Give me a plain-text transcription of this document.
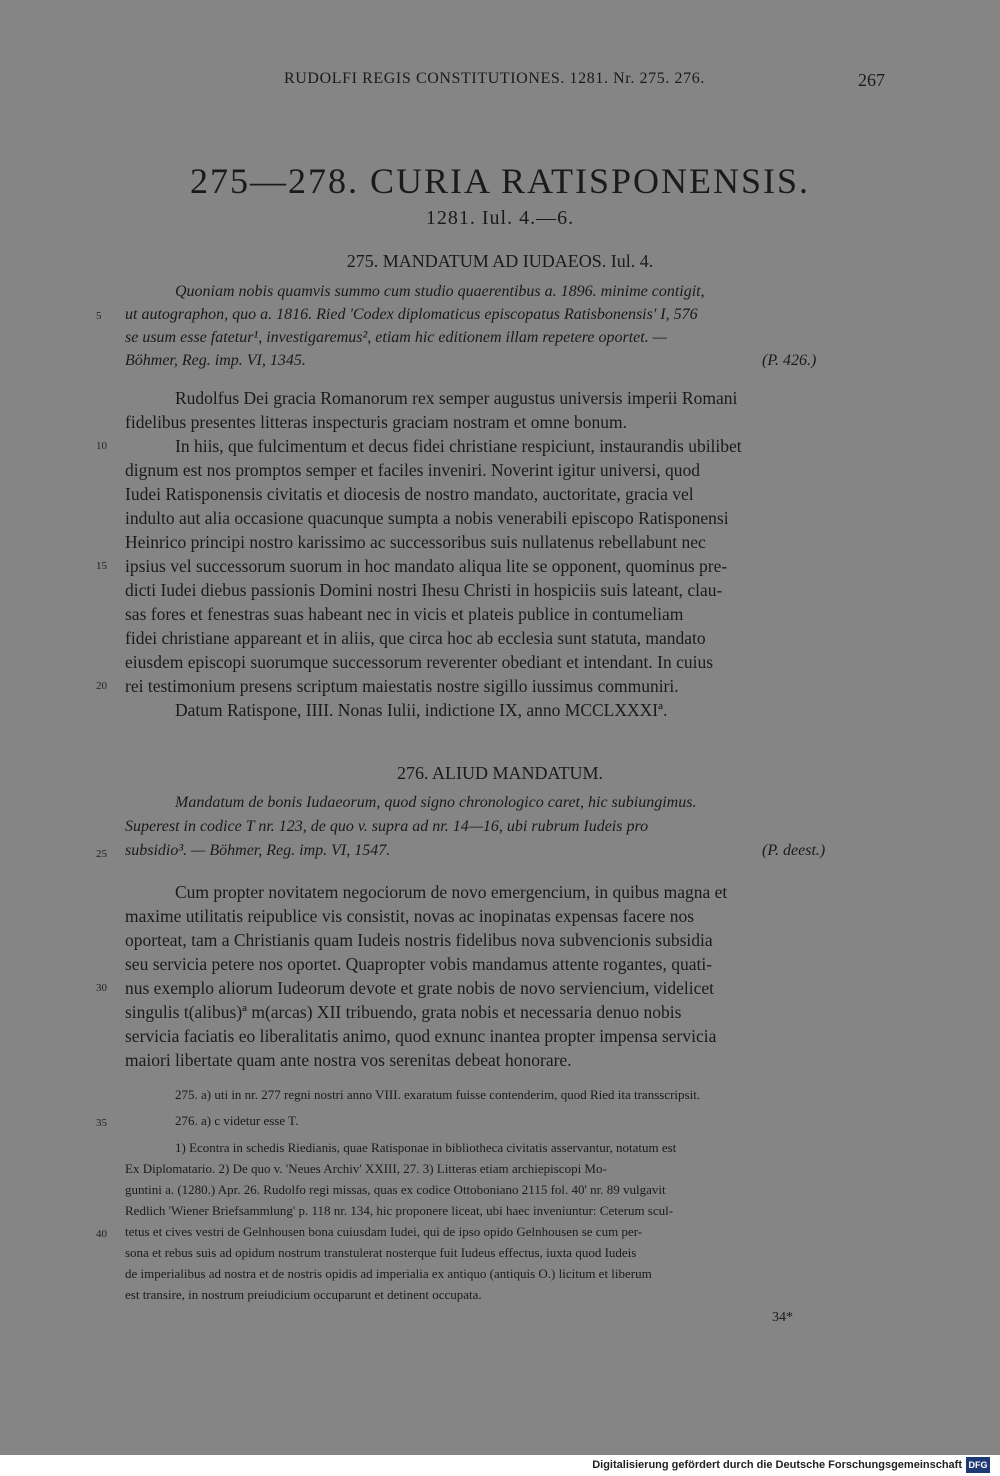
RUDOLFI REGIS CONSTITUTIONES. 1281. Nr. 275. 276.	267
275—278. CURIA RATISPONENSIS.
1281. Iul. 4.—6.
275. MANDATUM AD IUDAEOS. Iul. 4.
Quoniam nobis quamvis summo cum studio quaerentibus a. 1896. minime contigit,
ut autographon, quo a. 1816. Ried 'Codex diplomaticus episcopatus Ratisbonensis' I, 576
se usum esse fatetur¹, investigaremus², etiam hic editionem illam repetere oportet. —
Böhmer, Reg. imp. VI, 1345.	(P. 426.)
Rudolfus Dei gracia Romanorum rex semper augustus universis imperii Romani
fidelibus presentes litteras inspecturis graciam nostram et omne bonum.
In hiis, que fulcimentum et decus fidei christiane respiciunt, instaurandis ubilibet
dignum est nos promptos semper et faciles inveniri. Noverint igitur universi, quod
Iudei Ratisponensis civitatis et diocesis de nostro mandato, auctoritate, gracia vel
indulto aut alia occasione quacunque sumpta a nobis venerabili episcopo Ratisponensi
Heinrico principi nostro karissimo ac successoribus suis nullatenus rebellabunt nec
ipsius vel successorum suorum in hoc mandato aliqua lite se opponent, quominus pre-
dicti Iudei diebus passionis Domini nostri Ihesu Christi in hospiciis suis lateant, clau-
sas fores et fenestras suas habeant nec in vicis et plateis publice in contumeliam
fidei christiane appareant et in aliis, que circa hoc ab ecclesia sunt statuta, mandato
eiusdem episcopi suorumque successorum reverenter obediant et intendant. In cuius
rei testimonium presens scriptum maiestatis nostre sigillo iussimus communiri.
Datum Ratispone, IIII. Nonas Iulii, indictione IX, anno MCCLXXXIª.
276. ALIUD MANDATUM.
Mandatum de bonis Iudaeorum, quod signo chronologico caret, hic subiungimus.
Superest in codice T nr. 123, de quo v. supra ad nr. 14—16, ubi rubrum Iudeis pro
subsidio³. — Böhmer, Reg. imp. VI, 1547.	(P. deest.)
Cum propter novitatem negociorum de novo emergencium, in quibus magna et
maxime utilitatis reipublice vis consistit, novas ac inopinatas expensas facere nos
oporteat, tam a Christianis quam Iudeis nostris fidelibus nova subvencionis subsidia
seu servicia petere nos oportet. Quapropter vobis mandamus attente rogantes, quati-
nus exemplo aliorum Iudeorum devote et grate nobis de novo serviencium, videlicet
singulis t(alibus)ª m(arcas) XII tribuendo, grata nobis et necessaria denuo nobis
servicia faciatis eo liberalitatis animo, quod exnunc inantea propter impensa servicia
maiori libertate quam ante nostra vos serenitas debeat honorare.
275. a) uti in nr. 277 regni nostri anno VIII. exaratum fuisse contenderim, quod Ried ita transscripsit.
276. a) c videtur esse T.
1) Econtra in schedis Riedianis, quae Ratisponae in bibliotheca civitatis asservantur, notatum est
Ex Diplomatario. 2) De quo v. 'Neues Archiv' XXIII, 27. 3) Litteras etiam archiepiscopi Mo-
guntini a. (1280.) Apr. 26. Rudolfo regi missas, quas ex codice Ottoboniano 2115 fol. 40' nr. 89 vulgavit
Redlich 'Wiener Briefsammlung' p. 118 nr. 134, hic proponere liceat, ubi haec inveniuntur: Ceterum scul-
tetus et cives vestri de Gelnhousen bona cuiusdam Iudei, qui de ipso opido Gelnhousen se cum per-
sona et rebus suis ad opidum nostrum transtulerat nosterque fuit Iudeus effectus, iuxta quod Iudeis
de imperialibus ad nostra et de nostris opidis ad imperialia ex antiquo (antiquis O.) licitum et liberum
est transire, in nostrum preiudicium occuparunt et detinent occupata.
34*
5
10
15
20
25
30
35
40
Digitalisierung gefördert durch die Deutsche Forschungsgemeinschaft DFG
